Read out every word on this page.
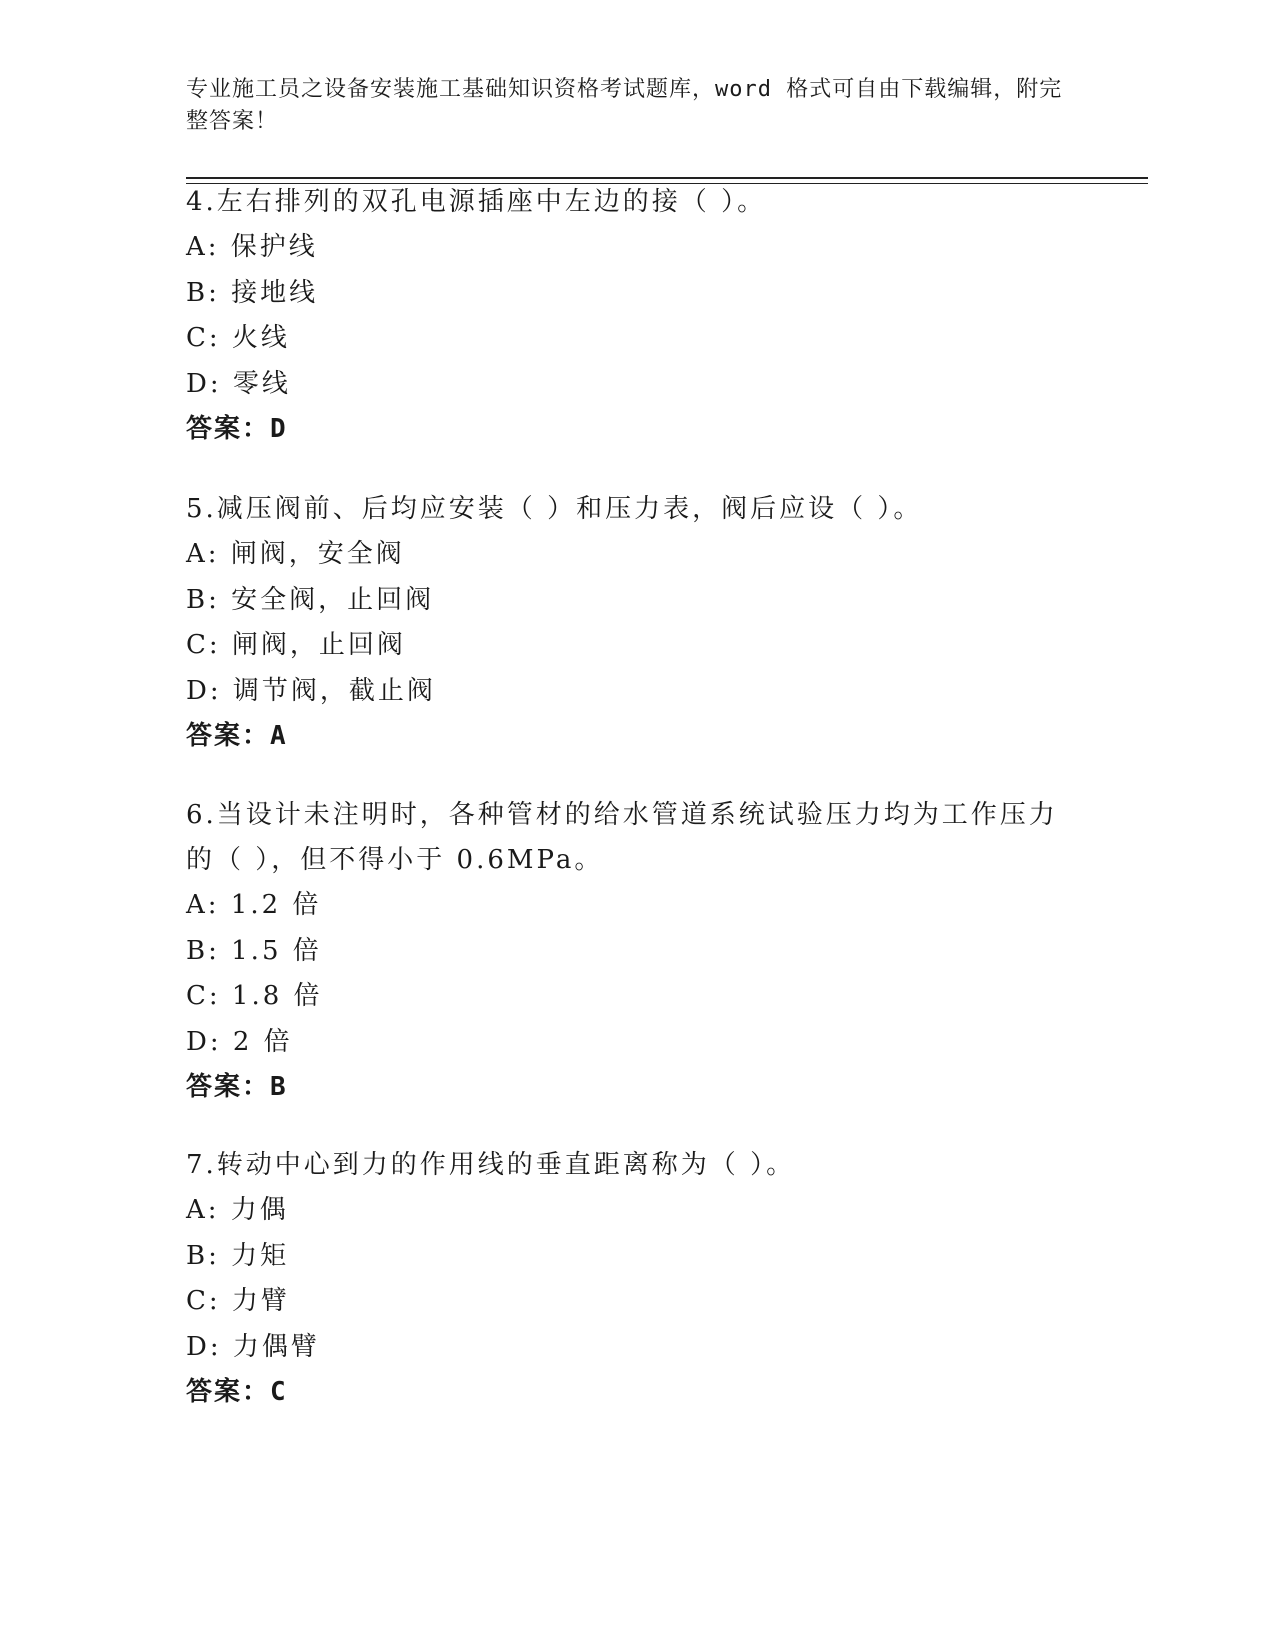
专业施工员之设备安装施工基础知识资格考试题库，word 格式可自由下载编辑，附完整答案！

4.左右排列的双孔电源插座中左边的接（ ）。

A: 保护线

B: 接地线

C: 火线

D: 零线

答案：D

5.减压阀前、后均应安装（ ）和压力表，阀后应设（ ）。

A: 闸阀，安全阀

B: 安全阀，止回阀

C: 闸阀，止回阀

D: 调节阀，截止阀

答案：A

6.当设计未注明时，各种管材的给水管道系统试验压力均为工作压力的（ ），但不得小于 0.6MPa。

A: 1.2 倍

B: 1.5 倍

C: 1.8 倍

D: 2 倍

答案：B

7.转动中心到力的作用线的垂直距离称为（ ）。

A: 力偶

B: 力矩

C: 力臂

D: 力偶臂

答案：C
